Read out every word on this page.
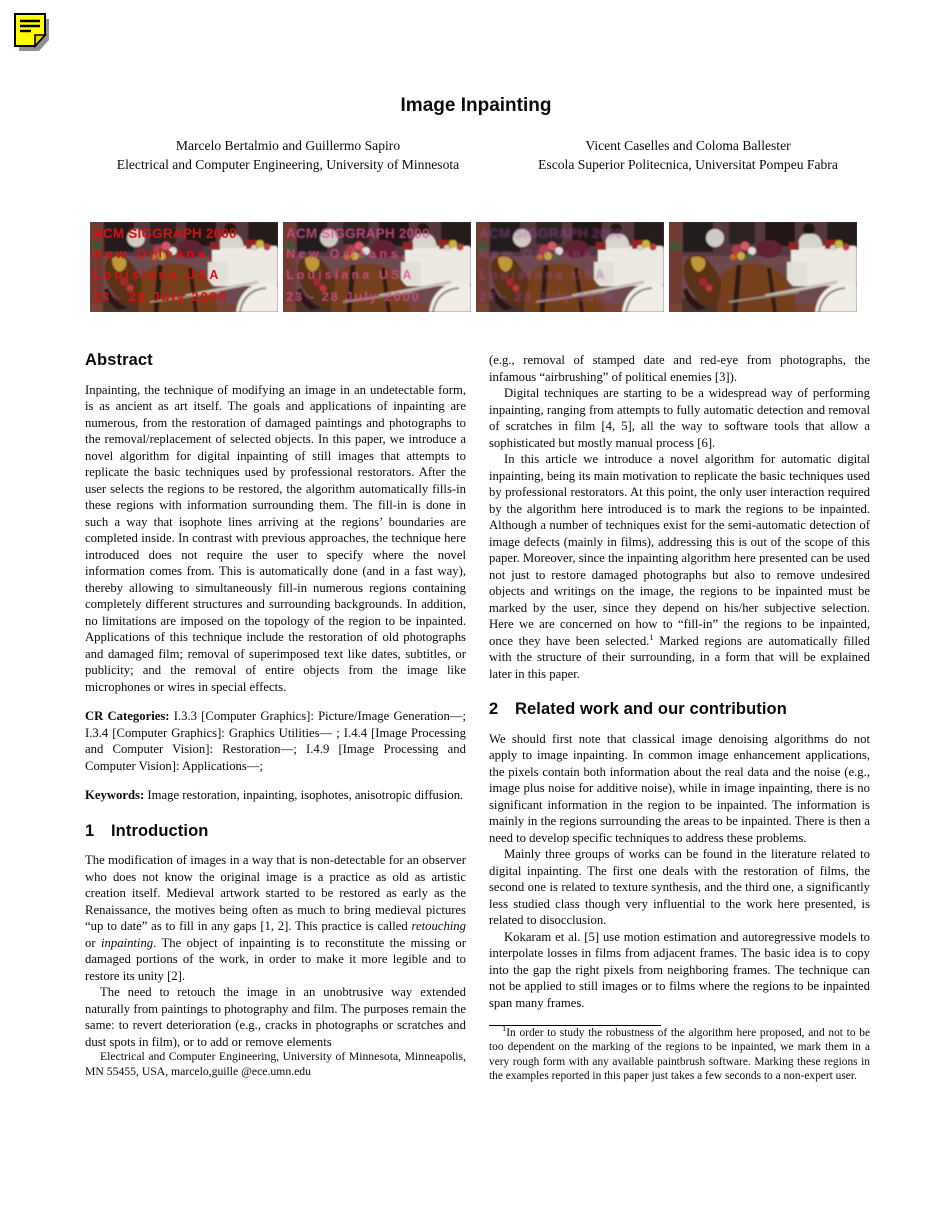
Image Inpainting
Marcelo Bertalmio and Guillermo Sapiro
Electrical and Computer Engineering, University of Minnesota
Vicent Caselles and Coloma Ballester
Escola Superior Politecnica, Universitat Pompeu Fabra
ACM SIGGRAPH 2000
New Orleans,
Louisiana USA
23 - 28 July 2000
ACM SIGGRAPH 2000
New Orleans,
Louisiana USA
23 - 28 July 2000
ACM SIGGRAPH 2000
New Orleans,
Louisiana USA
23 - 28 July 2000
Abstract

Inpainting, the technique of modifying an image in an undetectable form, is as ancient as art itself. The goals and applications of inpainting are numerous, from the restoration of damaged paintings and photographs to the removal/replacement of selected objects. In this paper, we introduce a novel algorithm for digital inpainting of still images that attempts to replicate the basic techniques used by professional restorators. After the user selects the regions to be restored, the algorithm automatically fills-in these regions with information surrounding them. The fill-in is done in such a way that isophote lines arriving at the regions’ boundaries are completed inside. In contrast with previous approaches, the technique here introduced does not require the user to specify where the novel information comes from. This is automatically done (and in a fast way), thereby allowing to simultaneously fill-in numerous regions containing completely different structures and surrounding backgrounds. In addition, no limitations are imposed on the topology of the region to be inpainted. Applications of this technique include the restoration of old photographs and damaged film; removal of superimposed text like dates, subtitles, or publicity; and the removal of entire objects from the image like microphones or wires in special effects.

CR Categories: I.3.3 [Computer Graphics]: Picture/Image Generation—; I.3.4 [Computer Graphics]: Graphics Utilities— ; I.4.4 [Image Processing and Computer Vision]: Restoration—; I.4.9 [Image Processing and Computer Vision]: Applications—;

Keywords: Image restoration, inpainting, isophotes, anisotropic diffusion.

1 Introduction

The modification of images in a way that is non-detectable for an observer who does not know the original image is a practice as old as artistic creation itself. Medieval artwork started to be restored as early as the Renaissance, the motives being often as much to bring medieval pictures “up to date” as to fill in any gaps [1, 2]. This practice is called retouching or inpainting. The object of inpainting is to reconstitute the missing or damaged portions of the work, in order to make it more legible and to restore its unity [2].

The need to retouch the image in an unobtrusive way extended naturally from paintings to photography and film. The purposes remain the same: to revert deterioration (e.g., cracks in photographs or scratches and dust spots in film), or to add or remove elements

Electrical and Computer Engineering, University of Minnesota, Minneapolis, MN 55455, USA, marcelo,guille @ece.umn.edu

(e.g., removal of stamped date and red-eye from photographs, the infamous “airbrushing” of political enemies [3]).

Digital techniques are starting to be a widespread way of performing inpainting, ranging from attempts to fully automatic detection and removal of scratches in film [4, 5], all the way to software tools that allow a sophisticated but mostly manual process [6].

In this article we introduce a novel algorithm for automatic digital inpainting, being its main motivation to replicate the basic techniques used by professional restorators. At this point, the only user interaction required by the algorithm here introduced is to mark the regions to be inpainted. Although a number of techniques exist for the semi-automatic detection of image defects (mainly in films), addressing this is out of the scope of this paper. Moreover, since the inpainting algorithm here presented can be used not just to restore damaged photographs but also to remove undesired objects and writings on the image, the regions to be inpainted must be marked by the user, since they depend on his/her subjective selection. Here we are concerned on how to “fill-in” the regions to be inpainted, once they have been selected.$^1$ Marked regions are automatically filled with the structure of their surrounding, in a form that will be explained later in this paper.

2 Related work and our contribution

We should first note that classical image denoising algorithms do not apply to image inpainting. In common image enhancement applications, the pixels contain both information about the real data and the noise (e.g., image plus noise for additive noise), while in image inpainting, there is no significant information in the region to be inpainted. The information is mainly in the regions surrounding the areas to be inpainted. There is then a need to develop specific techniques to address these problems.

Mainly three groups of works can be found in the literature related to digital inpainting. The first one deals with the restoration of films, the second one is related to texture synthesis, and the third one, a significantly less studied class though very influential to the work here presented, is related to disocclusion.

Kokaram et al. [5] use motion estimation and autoregressive models to interpolate losses in films from adjacent frames. The basic idea is to copy into the gap the right pixels from neighboring frames. The technique can not be applied to still images or to films where the regions to be inpainted span many frames.

$^1$In order to study the robustness of the algorithm here proposed, and not to be too dependent on the marking of the regions to be inpainted, we mark them in a very rough form with any available paintbrush software. Marking these regions in the examples reported in this paper just takes a few seconds to a non-expert user.
